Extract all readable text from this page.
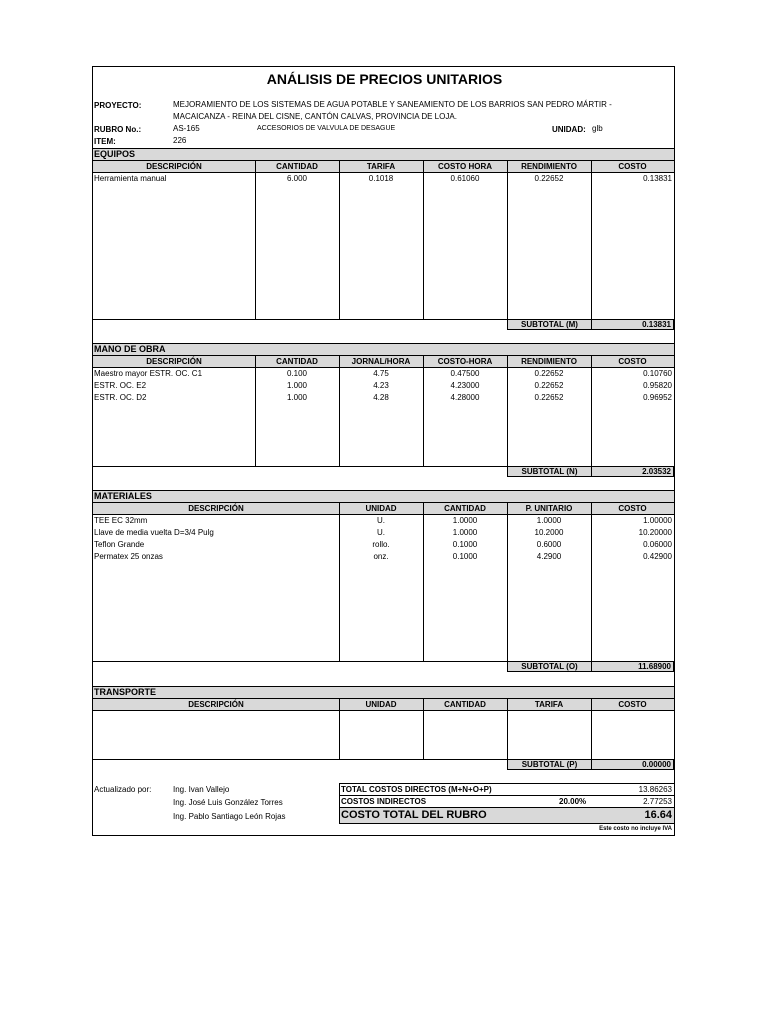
ANÁLISIS DE PRECIOS UNITARIOS
PROYECTO:	MEJORAMIENTO DE LOS SISTEMAS DE AGUA POTABLE Y SANEAMIENTO DE LOS BARRIOS SAN PEDRO MÁRTIR -
MACAICANZA - REINA DEL CISNE, CANTÓN CALVAS, PROVINCIA DE LOJA.
RUBRO No.:	AS-165	ACCESORIOS DE VALVULA DE DESAGUE	UNIDAD: glb
ITEM:	226
EQUIPOS
DESCRIPCIÓN	CANTIDAD	TARIFA	COSTO HORA	RENDIMIENTO	COSTO
Herramienta manual	6.000	0.1018	0.61060	0.22652	0.13831
SUBTOTAL (M)	0.13831
MANO DE OBRA
DESCRIPCIÓN	CANTIDAD	JORNAL/HORA	COSTO-HORA	RENDIMIENTO	COSTO
Maestro mayor ESTR. OC. C1	0.100	4.75	0.47500	0.22652	0.10760
ESTR. OC. E2	1.000	4.23	4.23000	0.22652	0.95820
ESTR. OC. D2	1.000	4.28	4.28000	0.22652	0.96952
SUBTOTAL (N)	2.03532
MATERIALES
DESCRIPCIÓN	UNIDAD	CANTIDAD	P. UNITARIO	COSTO
TEE EC 32mm	U.	1.0000	1.0000	1.00000
Llave de media vuelta D=3/4 Pulg	U.	1.0000	10.2000	10.20000
Teflon Grande	rollo.	0.1000	0.6000	0.06000
Permatex 25 onzas	onz.	0.1000	4.2900	0.42900
SUBTOTAL (O)	11.68900
TRANSPORTE
DESCRIPCIÓN	UNIDAD	CANTIDAD	TARIFA	COSTO
SUBTOTAL (P)	0.00000
Actualizado por:	Ing. Ivan Vallejo
Ing. José Luis González Torres
Ing. Pablo Santiago León Rojas
TOTAL COSTOS DIRECTOS (M+N+O+P)	13.86263
COSTOS INDIRECTOS	20.00%	2.77253
COSTO TOTAL DEL RUBRO	16.64
Este costo no incluye IVA
